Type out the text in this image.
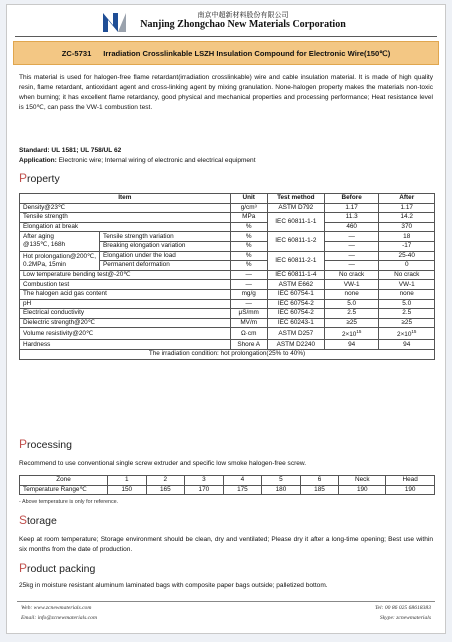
南京中超新材料股份有限公司
Nanjing Zhongchao New Materials Corporation
ZC-5731 Irradiation Crosslinkable LSZH Insulation Compound for Electronic Wire(150℃)
This material is used for halogen-free flame retardant(irradiation crosslinkable) wire and cable insulation material. It is made of high quality resin, flame retardant, antioxidant agent and cross-linking agent by mixing granulation. None-halogen property makes the materials non-toxic when burning; it has excellent flame retardancy, good physical and mechanical properties and processing performance; Heat resistance level is 150℃, can pass the VW-1 combustion test.
Standard: UL 1581; UL 758/UL 62
Application: Electronic wire; Internal wiring of electronic and electrical equipment
Property
Item		Unit	Test method	Before	After
Density@23℃		g/cm³	ASTM D792	1.17	1.17
Tensile strength		MPa	IEC 60811-1-1	11.3	14.2
Elongation at break		%		460	370
After aging
@135℃, 168h	Tensile strength variation	%	IEC 60811-1-2	—	18
	Breaking elongation variation	%		—	-17
Hot prolongation@200℃,
0.2MPa, 15min	Elongation under the load	%	IEC 60811-2-1	—	25-40
	Permanent deformation	%		—	0
Low temperature bending test@-20℃		—	IEC 60811-1-4	No crack	No crack
Combustion test		—	ASTM E662	VW-1	VW-1
The halogen acid gas content		mg/g	IEC 60754-1	none	none
pH		—	IEC 60754-2	5.0	5.0
Electrical conductivity		μS/mm	IEC 60754-2	2.5	2.5
Dielectric strength@20℃		MV/m	IEC 60243-1	≥25	≥25
Volume resistivity@20℃		Ω·cm	ASTM D257	$2\times 10^{15}$	$2\times 10^{15}$
Hardness		Shore A	ASTM D2240	94	94
The irradiation condition: hot prolongation(25% to 40%)					
Processing
Recommend to use conventional single screw extruder and specific low smoke halogen-free screw.
Zone	1	2	3	4	5	6	Neck	Head
Temperature Range℃	150	165	170	175	180	185	190	190
- Above temperature is only for reference.
Storage
Keep at room temperature; Storage environment should be clean, dry and ventilated; Please dry it after a long-time opening; Best use within six months from the date of production.
Product packing
25kg in moisture resistant aluminum laminated bags with composite paper bags outside; palletized bottom.
Web: www.zcnewmaterials.com
Email: info@zcnewmaterials.com
Tel: 00 86 025 68618383
Skype: zcnewmaterials
